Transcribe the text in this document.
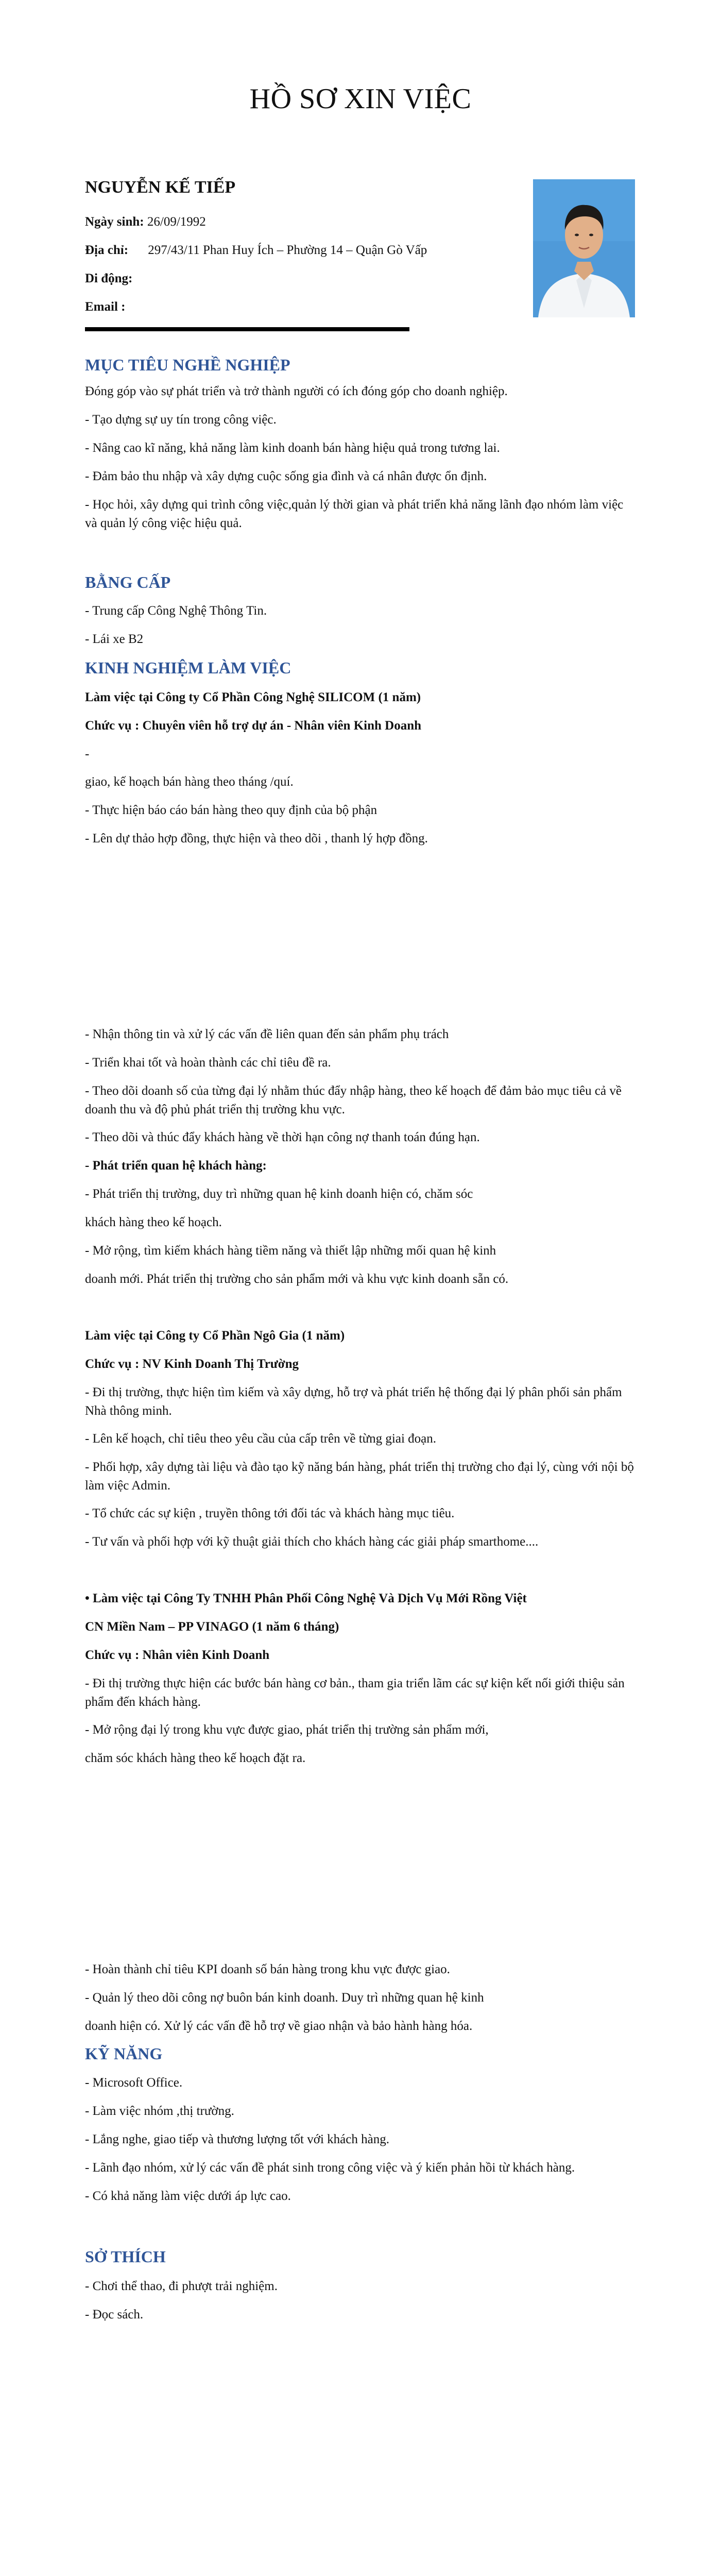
HỒ SƠ XIN VIỆC
NGUYỄN KẾ TIẾP
Ngày sinh: 26/09/1992
Địa chỉ: 297/43/11 Phan Huy Ích – Phường 14 – Quận Gò Vấp
Di động:
Email :
MỤC TIÊU NGHỀ NGHIỆP
Đóng góp vào sự phát triển và trở thành người có ích đóng góp cho doanh nghiệp.
- Tạo dựng sự uy tín trong công việc.
- Nâng cao kĩ năng, khả năng làm kinh doanh bán hàng hiệu quả trong tương lai.
- Đảm bảo thu nhập và xây dựng cuộc sống gia đình và cá nhân được ổn định.
- Học hỏi, xây dựng qui trình công việc,quản lý thời gian và phát triển khả năng lãnh đạo nhóm làm việc và quản lý công việc hiệu quả.
BẰNG CẤP
- Trung cấp Công Nghệ Thông Tin.
- Lái xe B2
KINH NGHIỆM LÀM VIỆC
Làm việc tại Công ty Cổ Phần Công Nghệ SILICOM (1 năm)
Chức vụ : Chuyên viên hỗ trợ dự án - Nhân viên Kinh Doanh
-
giao, kế hoạch bán hàng theo tháng /quí.
- Thực hiện báo cáo bán hàng theo quy định của bộ phận
- Lên dự thảo hợp đồng, thực hiện và theo dõi , thanh lý hợp đồng.
- Nhận thông tin và xử lý các vấn đề liên quan đến sản phẩm phụ trách
- Triển khai tốt và hoàn thành các chỉ tiêu đề ra.
- Theo dõi doanh số của từng đại lý nhằm thúc đẩy nhập hàng, theo kế hoạch để đảm bảo mục tiêu cả về doanh thu và độ phủ phát triển thị trường khu vực.
- Theo dõi và thúc đẩy khách hàng về thời hạn công nợ thanh toán đúng hạn.
- Phát triển quan hệ khách hàng:
- Phát triển thị trường, duy trì những quan hệ kinh doanh hiện có, chăm sóc
khách hàng theo kế hoạch.
- Mở rộng, tìm kiếm khách hàng tiềm năng và thiết lập những mối quan hệ kinh
doanh mới. Phát triển thị trường cho sản phẩm mới và khu vực kinh doanh sẵn có.
Làm việc tại Công ty Cổ Phần Ngô Gia (1 năm)
Chức vụ : NV Kinh Doanh Thị Trường
- Đi thị trường, thực hiện tìm kiếm và xây dựng, hỗ trợ và phát triển hệ thống đại lý phân phối sản phẩm Nhà thông minh.
- Lên kế hoạch, chỉ tiêu theo yêu cầu của cấp trên về từng giai đoạn.
- Phối hợp, xây dựng tài liệu và đào tạo kỹ năng bán hàng, phát triển thị trường cho đại lý, cùng với nội bộ làm việc Admin.
- Tổ chức các sự kiện , truyền thông tới đối tác và khách hàng mục tiêu.
- Tư vấn và phối hợp với kỹ thuật giải thích cho khách hàng các giải pháp smarthome....
• Làm việc tại Công Ty TNHH Phân Phối Công Nghệ Và Dịch Vụ Mới Rồng Việt
CN Miền Nam – PP VINAGO (1 năm 6 tháng)
Chức vụ : Nhân viên Kinh Doanh
- Đi thị trường thực hiện các bước bán hàng cơ bản., tham gia triển lãm các sự kiện kết nối giới thiệu sản phẩm đến khách hàng.
- Mở rộng đại lý trong khu vực được giao, phát triển thị trường sản phẩm mới,
chăm sóc khách hàng theo kế hoạch đặt ra.
- Hoàn thành chỉ tiêu KPI doanh số bán hàng trong khu vực được giao.
- Quản lý theo dõi công nợ buôn bán kinh doanh. Duy trì những quan hệ kinh
doanh hiện có. Xử lý các vấn đề hỗ trợ về giao nhận và bảo hành hàng hóa.
KỸ NĂNG
- Microsoft Office.
- Làm việc nhóm ,thị trường.
- Lắng nghe, giao tiếp và thương lượng tốt với khách hàng.
- Lãnh đạo nhóm, xử lý các vấn đề phát sinh trong công việc và ý kiến phản hồi từ khách hàng.
- Có khả năng làm việc dưới áp lực cao.
SỞ THÍCH
- Chơi thể thao, đi phượt trải nghiệm.
- Đọc sách.
